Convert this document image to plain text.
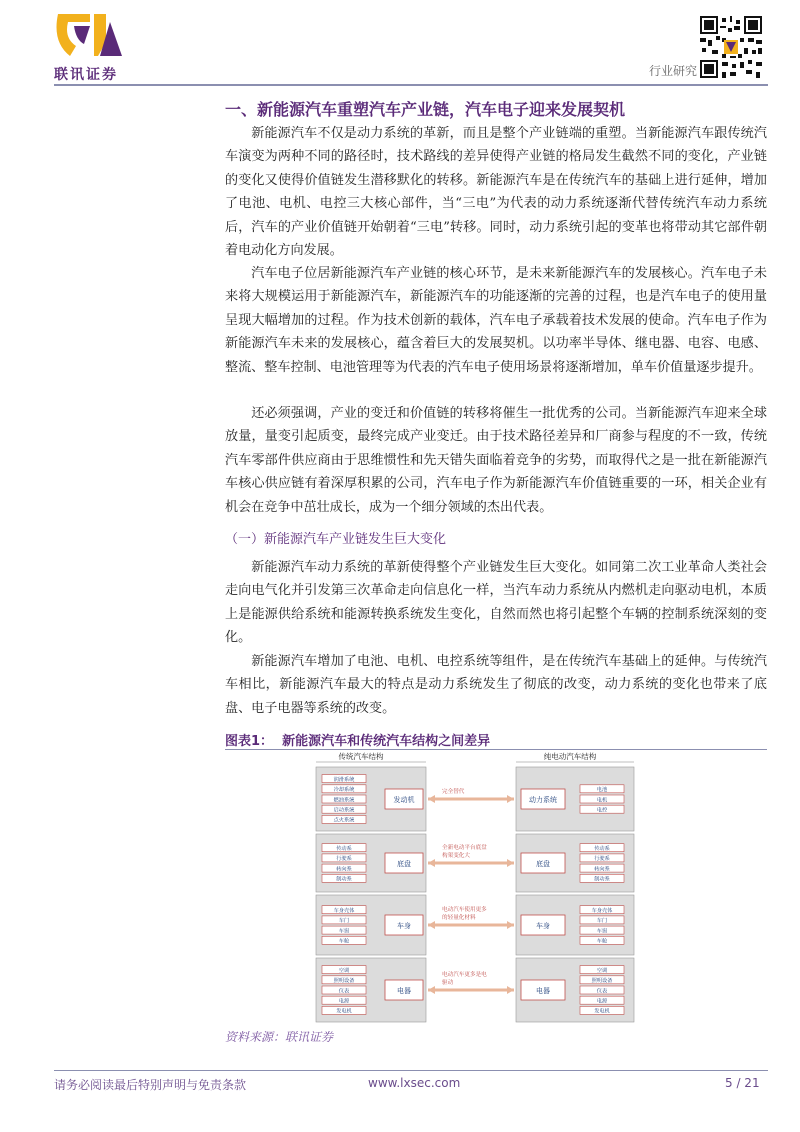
联讯证券	行业研究
一、新能源汽车重塑汽车产业链，汽车电子迎来发展契机

新能源汽车不仅是动力系统的革新，而且是整个产业链端的重塑。当新能源汽车跟传统汽车演变为两种不同的路径时，技术路线的差异使得产业链的格局发生截然不同的变化，产业链的变化又使得价值链发生潜移默化的转移。新能源汽车是在传统汽车的基础上进行延伸，增加了电池、电机、电控三大核心部件，当“三电”为代表的动力系统逐渐代替传统汽车动力系统后，汽车的产业价值链开始朝着“三电”转移。同时，动力系统引起的变革也将带动其它部件朝着电动化方向发展。

汽车电子位居新能源汽车产业链的核心环节，是未来新能源汽车的发展核心。汽车电子未来将大规模运用于新能源汽车，新能源汽车的功能逐渐的完善的过程，也是汽车电子的使用量呈现大幅增加的过程。作为技术创新的载体，汽车电子承载着技术发展的使命。汽车电子作为新能源汽车未来的发展核心，蕴含着巨大的发展契机。以功率半导体、继电器、电容、电感、整流、整车控制、电池管理等为代表的汽车电子使用场景将逐渐增加，单车价值量逐步提升。

还必须强调，产业的变迁和价值链的转移将催生一批优秀的公司。当新能源汽车迎来全球放量，量变引起质变，最终完成产业变迁。由于技术路径差异和厂商参与程度的不一致，传统汽车零部件供应商由于思维惯性和先天错失面临着竞争的劣势，而取得代之是一批在新能源汽车核心供应链有着深厚积累的公司，汽车电子作为新能源汽车价值链重要的一环，相关企业有机会在竞争中茁壮成长，成为一个细分领域的杰出代表。

（一）新能源汽车产业链发生巨大变化

新能源汽车动力系统的革新使得整个产业链发生巨大变化。如同第二次工业革命人类社会走向电气化并引发第三次革命走向信息化一样，当汽车动力系统从内燃机走向驱动电机，本质上是能源供给系统和能源转换系统发生变化，自然而然也将引起整个车辆的控制系统深刻的变化。

新能源汽车增加了电池、电机、电控系统等组件，是在传统汽车基础上的延伸。与传统汽车相比，新能源汽车最大的特点是动力系统发生了彻底的改变，动力系统的变化也带来了底盘、电子电器等系统的改变。

图表1：  新能源汽车和传统汽车结构之间差异
传统汽车结构	纯电动汽车结构
润滑系统
冷却系统
燃油系统
启动系统
点火系统
发动机	动力系统
电池
电机
电控
完全替代
传动系
行驶系
转向系
制动系
底盘	底盘
传动系
行驶系
转向系
制动系
全新电动平台底盘
构架变化大
车身壳体
车门
车窗
车舱
车身	车身
车身壳体
车门
车窗
车舱
电动汽车使用更多
的轻量化材料
空调
照明设备
仪表
电源
发电机
电器	电器
空调
照明设备
仪表
电源
发电机
电动汽车更多是电
驱动
资料来源：联讯证券
请务必阅读最后特别声明与免责条款	www.lxsec.com	5 / 21
